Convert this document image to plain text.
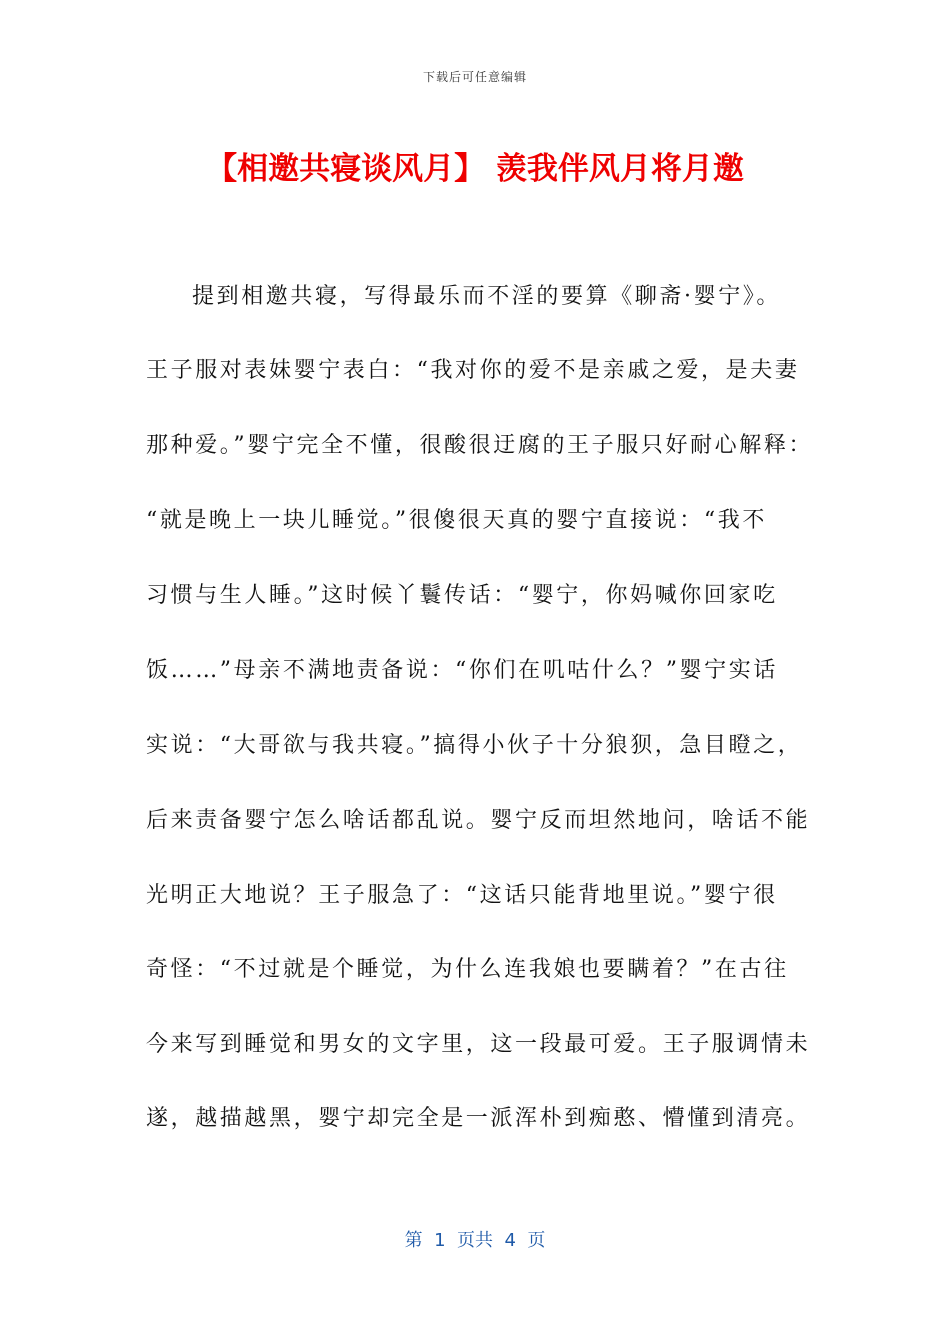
下载后可任意编辑
【相邀共寝谈风月】 羡我伴风月将月邀
提到相邀共寝，写得最乐而不淫的要算《聊斋·婴宁》。
王子服对表妹婴宁表白：“我对你的爱不是亲戚之爱，是夫妻
那种爱。”婴宁完全不懂，很酸很迂腐的王子服只好耐心解释：
“就是晚上一块儿睡觉。”很傻很天真的婴宁直接说：“我不
习惯与生人睡。”这时候丫鬟传话：“婴宁，你妈喊你回家吃
饭……”母亲不满地责备说：“你们在叽咕什么？”婴宁实话
实说：“大哥欲与我共寝。”搞得小伙子十分狼狈，急目瞪之，
后来责备婴宁怎么啥话都乱说。婴宁反而坦然地问，啥话不能
光明正大地说？王子服急了：“这话只能背地里说。”婴宁很
奇怪：“不过就是个睡觉，为什么连我娘也要瞒着？”在古往
今来写到睡觉和男女的文字里，这一段最可爱。王子服调情未
遂，越描越黑，婴宁却完全是一派浑朴到痴憨、懵懂到清亮。
第  1  页共  4  页
